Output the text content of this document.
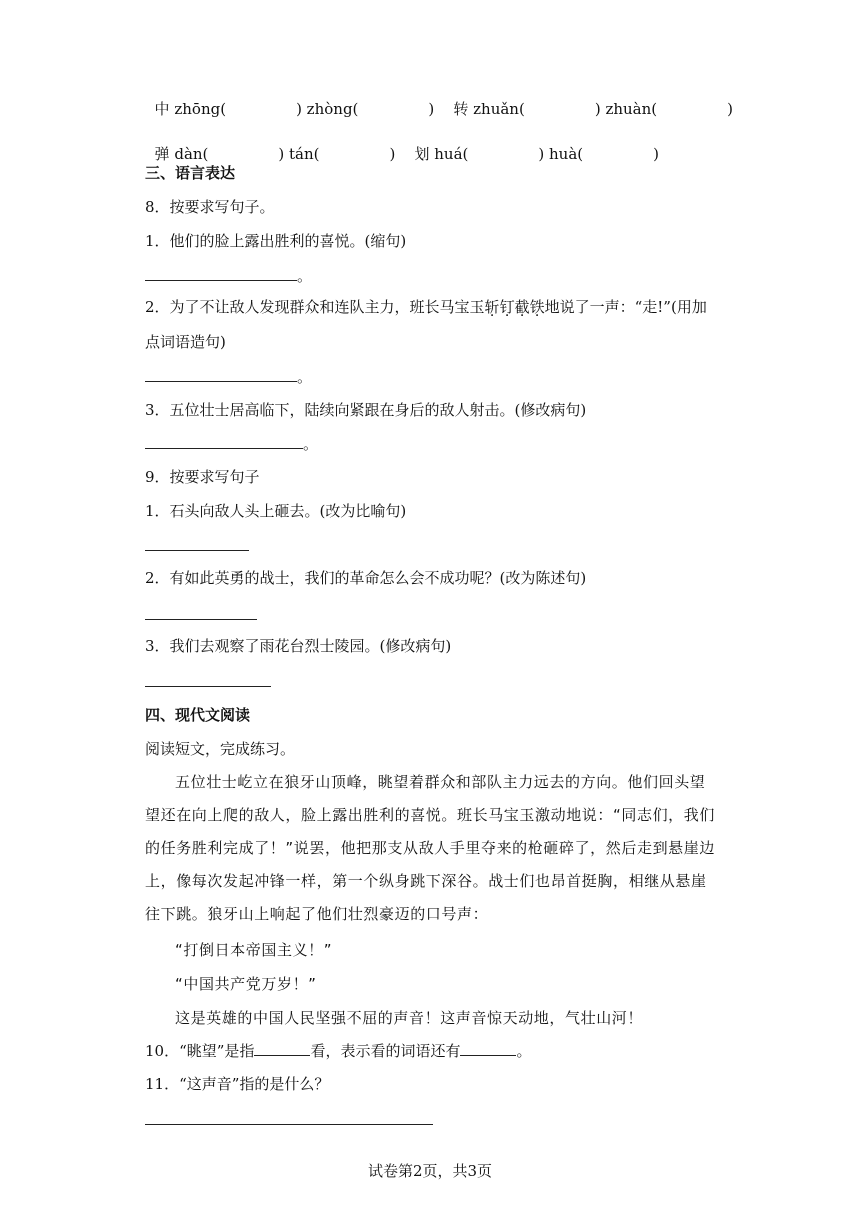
中 zhōng(	) zhòng(	) 转 zhuǎn(	) zhuàn(	)

弹 dàn(	) tán(	) 划 huá(	) huà(	)

三、语言表达
8．按要求写句子。
1．他们的脸上露出胜利的喜悦。(缩句)
。
2．为了不让敌人发现群众和连队主力，班长马宝玉斩钉截铁地说了一声：“走!”(用加
点词语造句)
。
3．五位壮士居高临下，陆续向紧跟在身后的敌人射击。(修改病句)
。
9．按要求写句子
1．石头向敌人头上砸去。(改为比喻句)
2．有如此英勇的战士，我们的革命怎么会不成功呢？(改为陈述句)
3．我们去观察了雨花台烈士陵园。(修改病句)
四、现代文阅读
阅读短文，完成练习。
五位壮士屹立在狼牙山顶峰，眺望着群众和部队主力远去的方向。他们回头望望还在向上爬的敌人，脸上露出胜利的喜悦。班长马宝玉激动地说：“同志们，我们的任务胜利完成了！”说罢，他把那支从敌人手里夺来的枪砸碎了，然后走到悬崖边上，像每次发起冲锋一样，第一个纵身跳下深谷。战士们也昂首挺胸，相继从悬崖往下跳。狼牙山上响起了他们壮烈豪迈的口号声：
“打倒日本帝国主义！”
“中国共产党万岁！”
这是英雄的中国人民坚强不屈的声音！这声音惊天动地，气壮山河！
10．“眺望”是指	看，表示看的词语还有	。
11．“这声音”指的是什么？
试卷第2页，共3页
